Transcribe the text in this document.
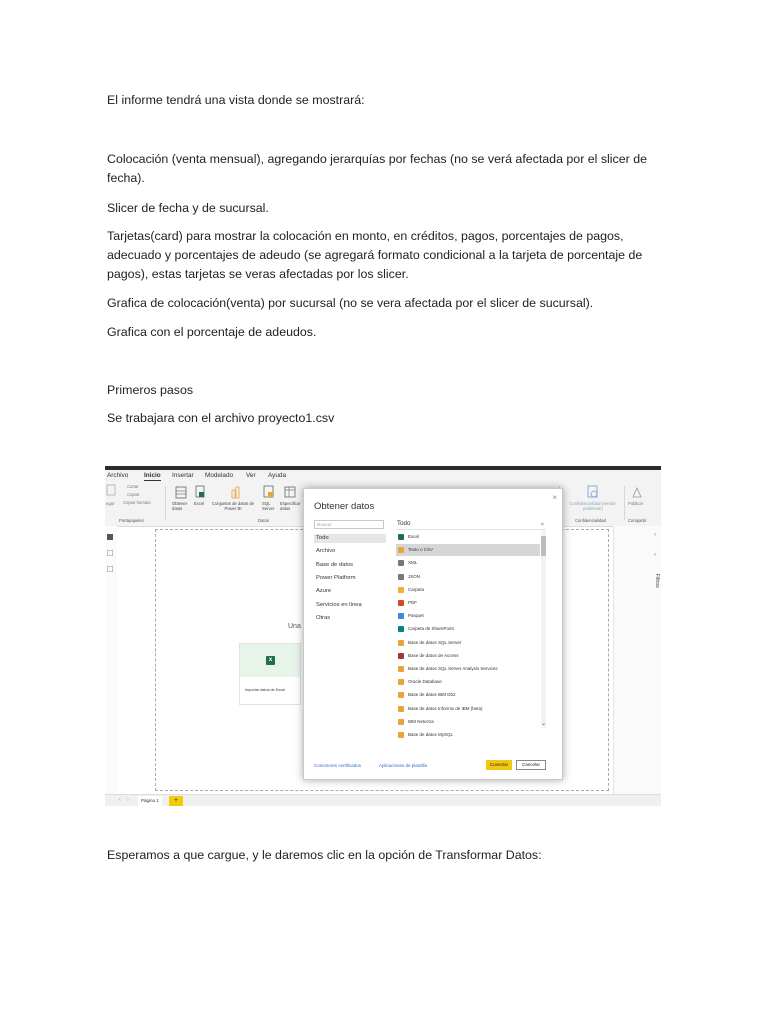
El informe tendrá una vista donde se mostrará:

Colocación (venta mensual), agregando jerarquías por fechas (no se verá afectada por el slicer de fecha).

Slicer de fecha y de sucursal.

Tarjetas(card) para mostrar la colocación en monto, en créditos, pagos, porcentajes de pagos, adecuado y porcentajes de adeudo (se agregará formato condicional a la tarjeta de porcentaje de pagos), estas tarjetas se veras afectadas por los slicer.

Grafica de colocación(venta) por sucursal (no se vera afectada por el slicer de sucursal).

Grafica con el porcentaje de adeudos.

Primeros pasos

Se trabajara con el archivo proyecto1.csv

Esperamos a que cargue, y le daremos clic en la opción de Transformar Datos:

Archivo Inicio Insertar Modelado Ver Ayuda
egar
Cortar
Copiar
Copiar formato
Portapapeles
Obtener datos
Excel	Conjuntos de datos de Power BI
SQL Server
Especificar datos
Datos
Confidencialidad (versión preliminar)
Confidencialidad
Publicar
Compartir
Una
x
Importar datos de Excel
‹
‹
Filtros
Obtener datos
×
Buscar
Todo
Archivo
Base de datos
Power Platform
Azure
Servicios en línea
Otras
Todo
Excel
Texto o CSV
XML
JSON
Carpeta
PDF
Parquet
Carpeta de SharePoint
Base de datos SQL Server
Base de datos de Access
Base de datos SQL Server Analysis Services
Oracle Database
Base de datos IBM Db2
Base de datos Informix de IBM (beta)
IBM Netezza
Base de datos MySQL
^
⌄
Conectores certificados	Aplicaciones de plantilla	Conectar	Cancelar
‹ ›	Página 1	+
